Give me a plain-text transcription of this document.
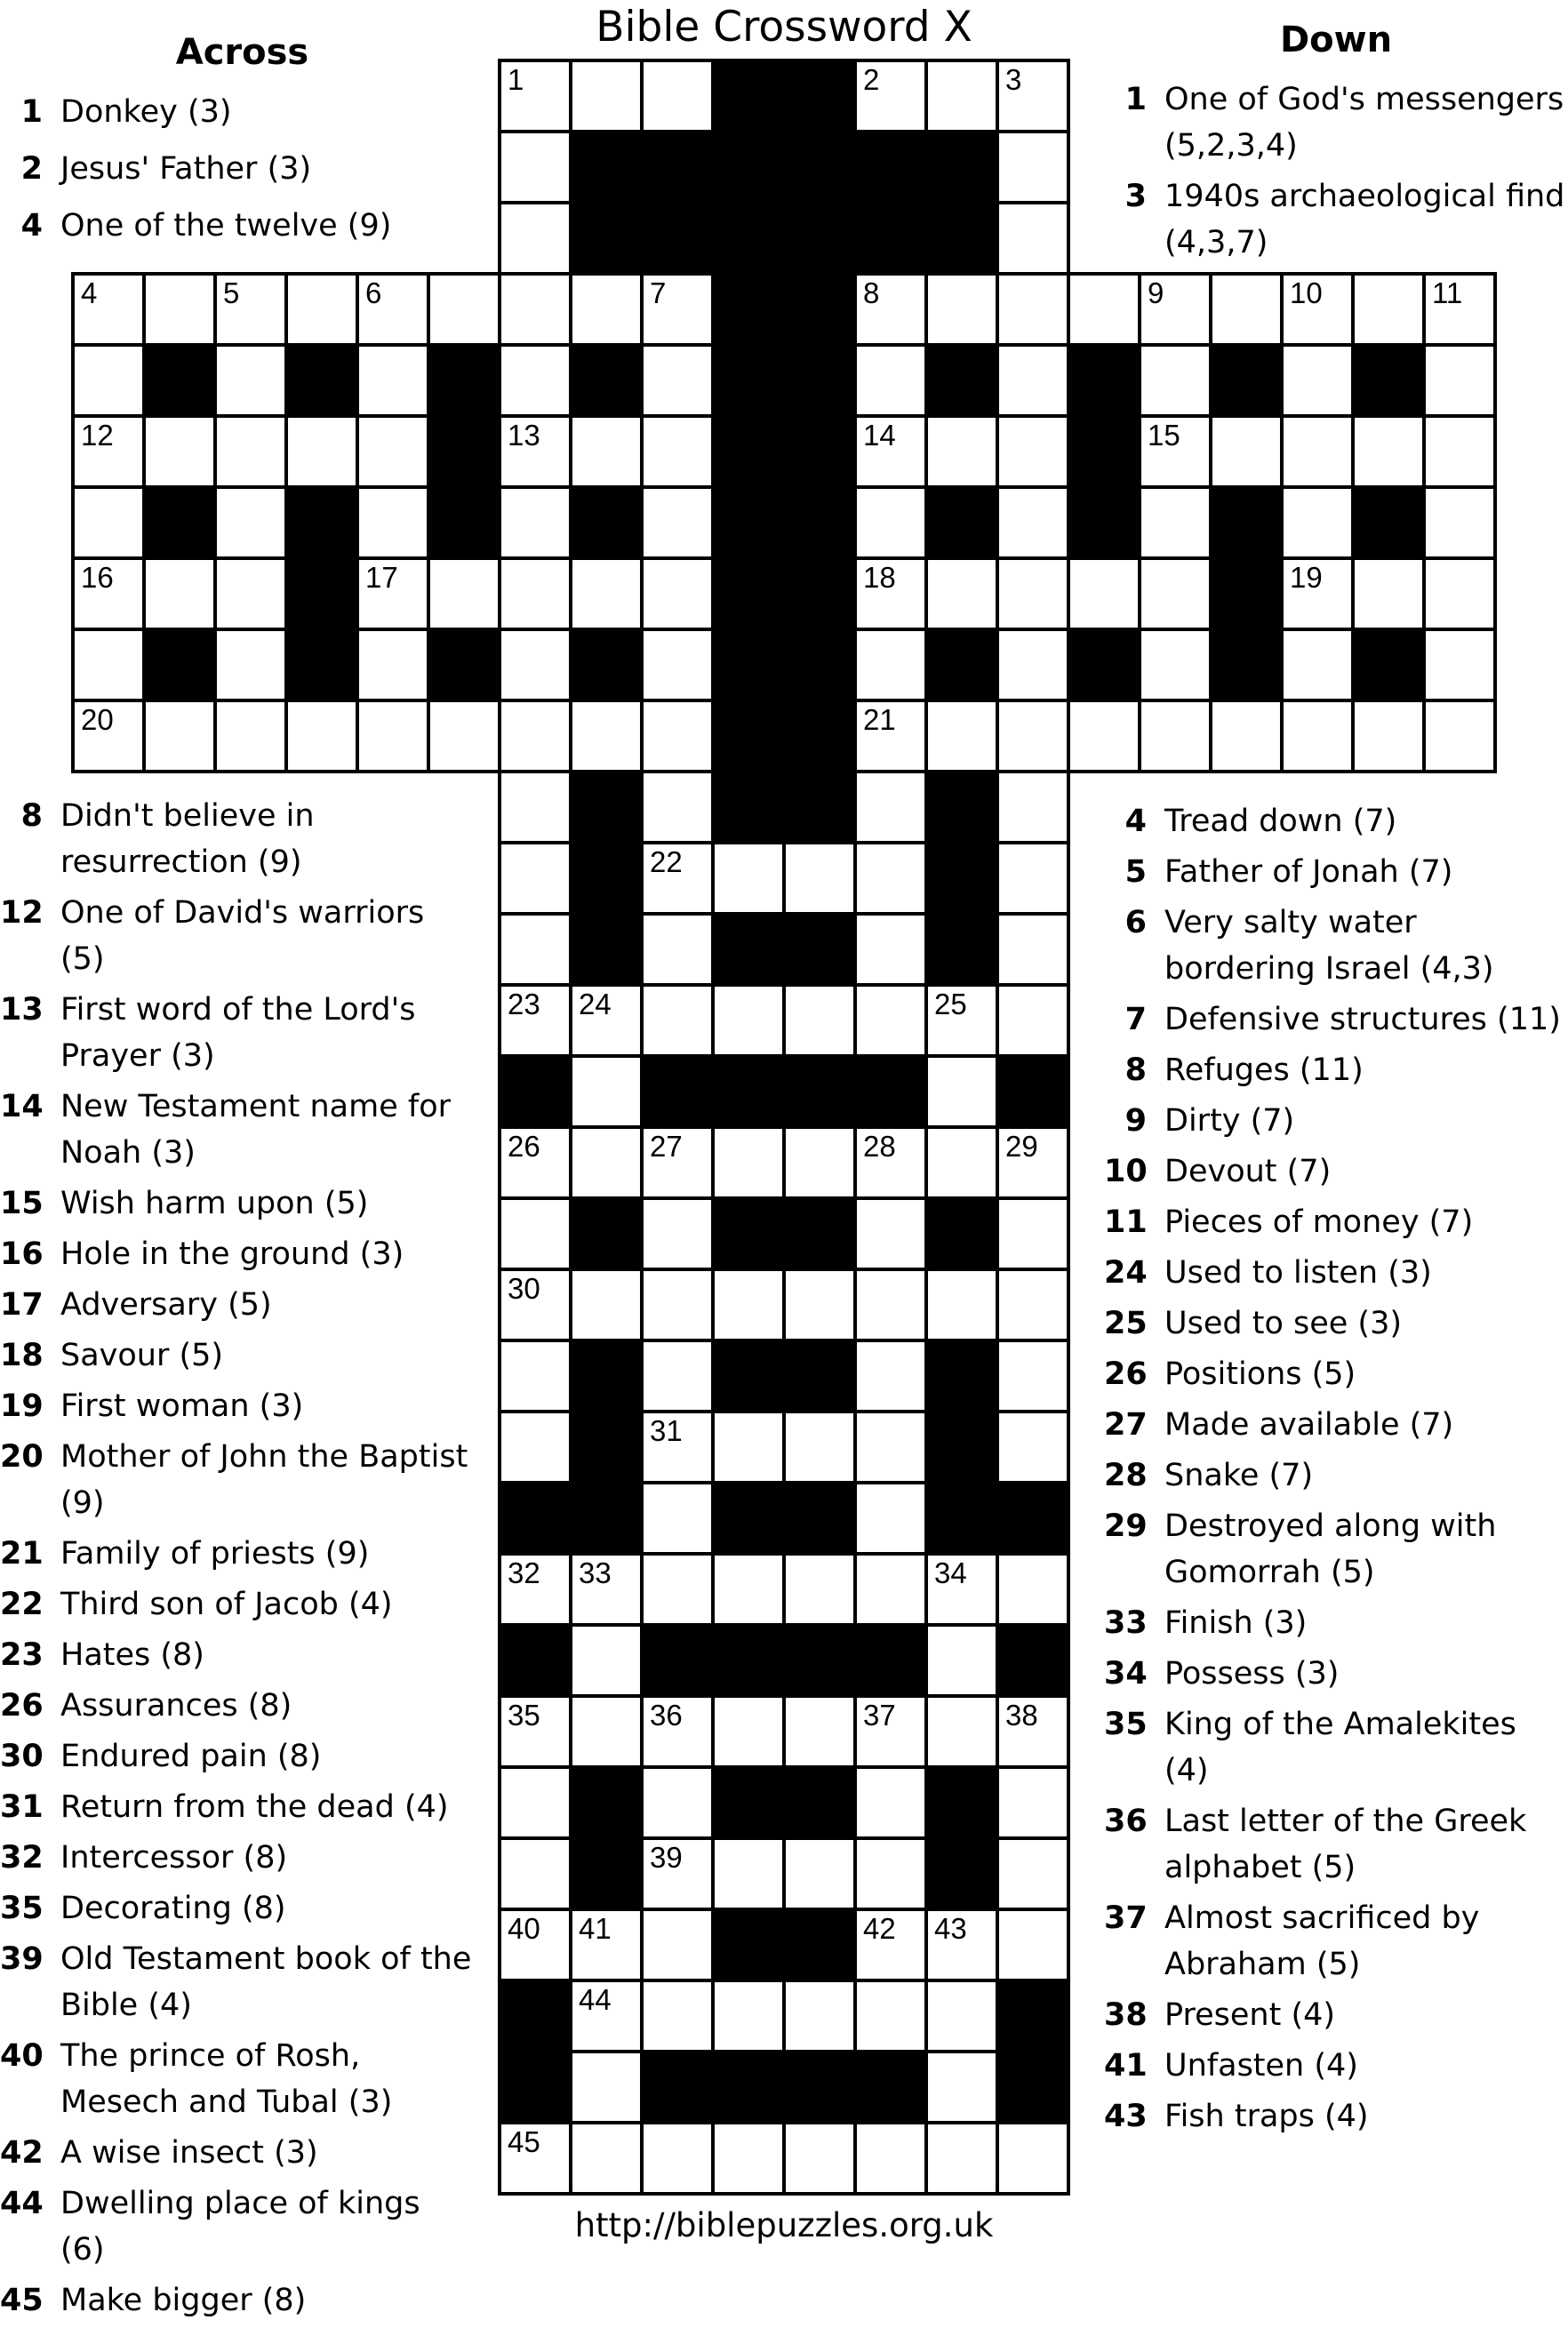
Bible Crossword X
Across	Down
1 Donkey (3)
2 Jesus' Father (3)
4 One of the twelve (9)
1 One of God's messengers (5,2,3,4)
3 1940s archaeological find (4,3,7)
8 Didn't believe in resurrection (9)
12 One of David's warriors (5)
13 First word of the Lord's Prayer (3)
14 New Testament name for Noah (3)
15 Wish harm upon (5)
16 Hole in the ground (3)
17 Adversary (5)
18 Savour (5)
19 First woman (3)
20 Mother of John the Baptist (9)
21 Family of priests (9)
22 Third son of Jacob (4)
23 Hates (8)
26 Assurances (8)
30 Endured pain (8)
31 Return from the dead (4)
32 Intercessor (8)
35 Decorating (8)
39 Old Testament book of the Bible (4)
40 The prince of Rosh, Mesech and Tubal (3)
42 A wise insect (3)
44 Dwelling place of kings (6)
45 Make bigger (8)
4 Tread down (7)
5 Father of Jonah (7)
6 Very salty water bordering Israel (4,3)
7 Defensive structures (11)
8 Refuges (11)
9 Dirty (7)
10 Devout (7)
11 Pieces of money (7)
24 Used to listen (3)
25 Used to see (3)
26 Positions (5)
27 Made available (7)
28 Snake (7)
29 Destroyed along with Gomorrah (5)
33 Finish (3)
34 Possess (3)
35 King of the Amalekites (4)
36 Last letter of the Greek alphabet (5)
37 Almost sacrificed by Abraham (5)
38 Present (4)
41 Unfasten (4)
43 Fish traps (4)
1	2	3
4	5	6	7	8	9	10	11
12	13	14	15
16	17	18	19
20	21
22
23 24	25
26	27	28	29
30
31
32 33	34
35	36	37	38
39
40 41	42 43
44
45
http://biblepuzzles.org.uk
